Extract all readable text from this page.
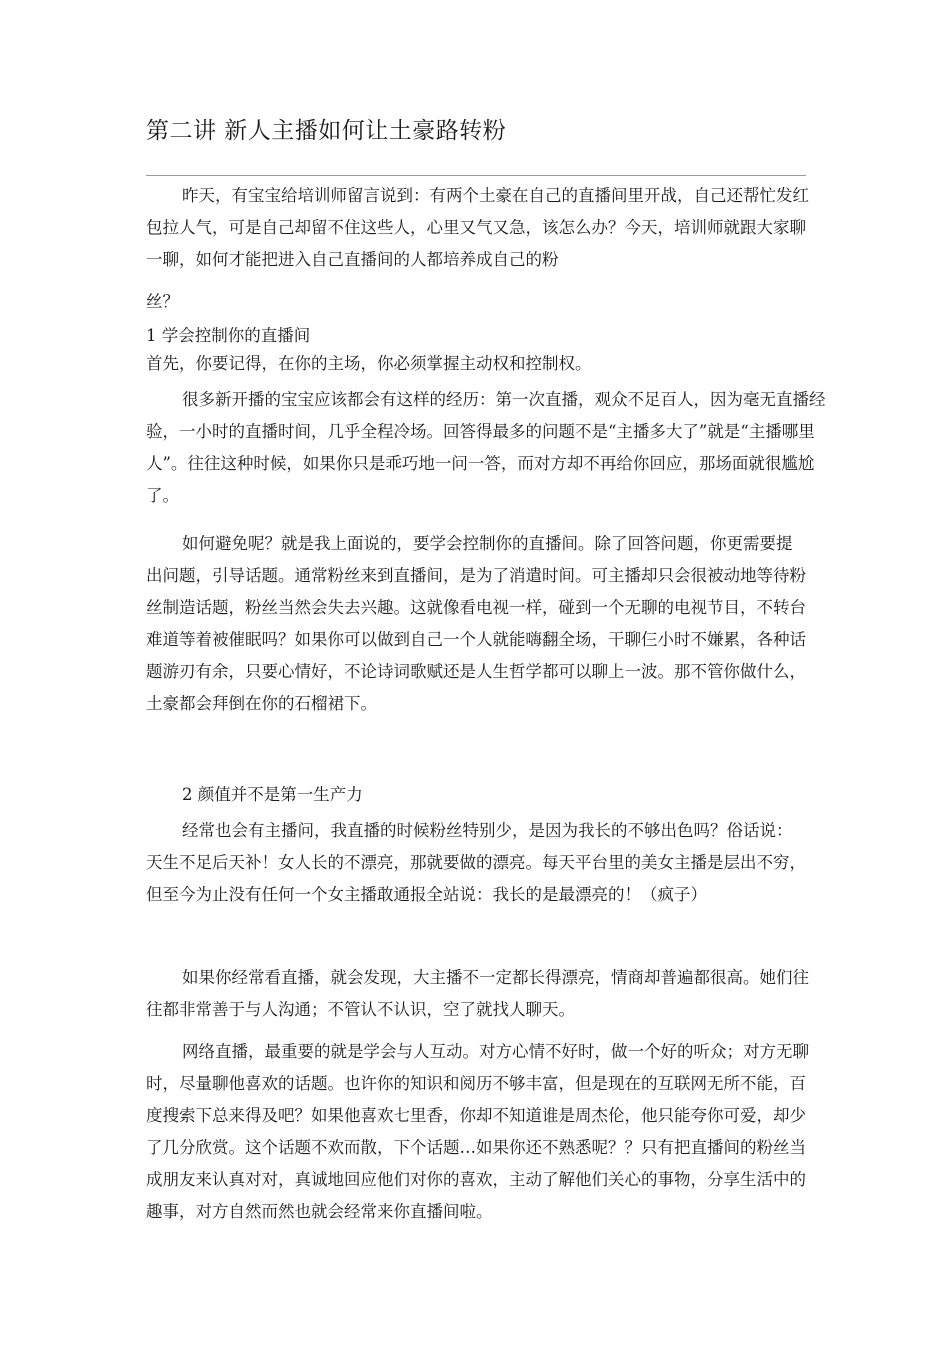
第二讲 新人主播如何让土豪路转粉

昨天，有宝宝给培训师留言说到：有两个土豪在自己的直播间里开战，自己还帮忙发红包拉人气，可是自己却留不住这些人，心里又气又急，该怎么办？今天，培训师就跟大家聊一聊，如何才能把进入自己直播间的人都培养成自己的粉

丝？

1 学会控制你的直播间

首先，你要记得，在你的主场，你必须掌握主动权和控制权。

很多新开播的宝宝应该都会有这样的经历：第一次直播，观众不足百人，因为毫无直播经验，一小时的直播时间，几乎全程冷场。回答得最多的问题不是“主播多大了”就是“主播哪里人”。往往这种时候，如果你只是乖巧地一问一答，而对方却不再给你回应，那场面就很尴尬了。

如何避免呢？就是我上面说的，要学会控制你的直播间。除了回答问题，你更需要提出问题，引导话题。通常粉丝来到直播间，是为了消遣时间。可主播却只会很被动地等待粉丝制造话题，粉丝当然会失去兴趣。这就像看电视一样，碰到一个无聊的电视节目，不转台难道等着被催眠吗？如果你可以做到自己一个人就能嗨翻全场，干聊仨小时不嫌累，各种话题游刃有余，只要心情好，不论诗词歌赋还是人生哲学都可以聊上一波。那不管你做什么，土豪都会拜倒在你的石榴裙下。

2 颜值并不是第一生产力

经常也会有主播问，我直播的时候粉丝特别少，是因为我长的不够出色吗？俗话说：天生不足后天补！女人长的不漂亮，那就要做的漂亮。每天平台里的美女主播是层出不穷，但至今为止没有任何一个女主播敢通报全站说：我长的是最漂亮的！（疯子）

如果你经常看直播，就会发现，大主播不一定都长得漂亮，情商却普遍都很高。她们往往都非常善于与人沟通；不管认不认识，空了就找人聊天。

网络直播，最重要的就是学会与人互动。对方心情不好时，做一个好的听众；对方无聊时，尽量聊他喜欢的话题。也许你的知识和阅历不够丰富，但是现在的互联网无所不能，百度搜索下总来得及吧？如果他喜欢七里香，你却不知道谁是周杰伦，他只能夸你可爱，却少了几分欣赏。这个话题不欢而散，下个话题…如果你还不熟悉呢？？只有把直播间的粉丝当成朋友来认真对对，真诚地回应他们对你的喜欢，主动了解他们关心的事物，分享生活中的趣事，对方自然而然也就会经常来你直播间啦。
